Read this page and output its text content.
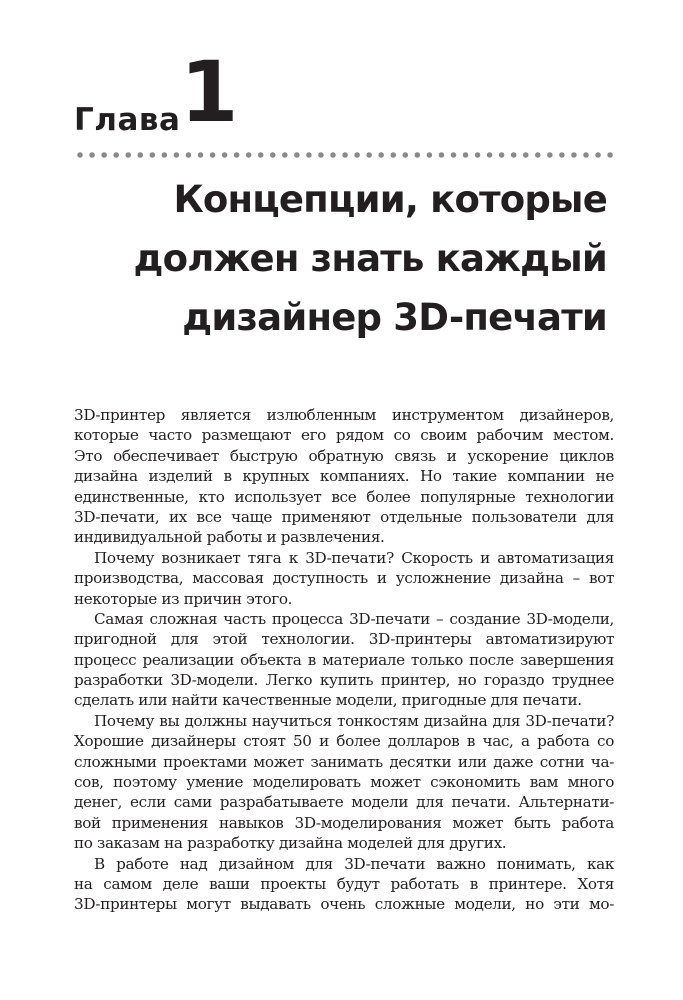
Глава 1
Концепции, которые
должен знать каждый
дизайнер 3D-печати
3D-принтер является излюбленным инструментом дизайнеров,
которые часто размещают его рядом со своим рабочим местом.
Это обеспечивает быструю обратную связь и ускорение циклов
дизайна изделий в крупных компаниях. Но такие компании не
единственные, кто использует все более популярные технологии
3D-печати, их все чаще применяют отдельные пользователи для
индивидуальной работы и развлечения.
Почему возникает тяга к 3D-печати? Скорость и автоматизация
производства, массовая доступность и усложнение дизайна – вот
некоторые из причин этого.
Самая сложная часть процесса 3D-печати – создание 3D-модели,
пригодной для этой технологии. 3D-принтеры автоматизируют
процесс реализации объекта в материале только после завершения
разработки 3D-модели. Легко купить принтер, но гораздо труднее
сделать или найти качественные модели, пригодные для печати.
Почему вы должны научиться тонкостям дизайна для 3D-печати?
Хорошие дизайнеры стоят 50 и более долларов в час, а работа со
сложными проектами может занимать десятки или даже сотни ча-
сов, поэтому умение моделировать может сэкономить вам много
денег, если сами разрабатываете модели для печати. Альтернати-
вой применения навыков 3D-моделирования может быть работа
по заказам на разработку дизайна моделей для других.
В работе над дизайном для 3D-печати важно понимать, как
на самом деле ваши проекты будут работать в принтере. Хотя
3D-принтеры могут выдавать очень сложные модели, но эти мо-
